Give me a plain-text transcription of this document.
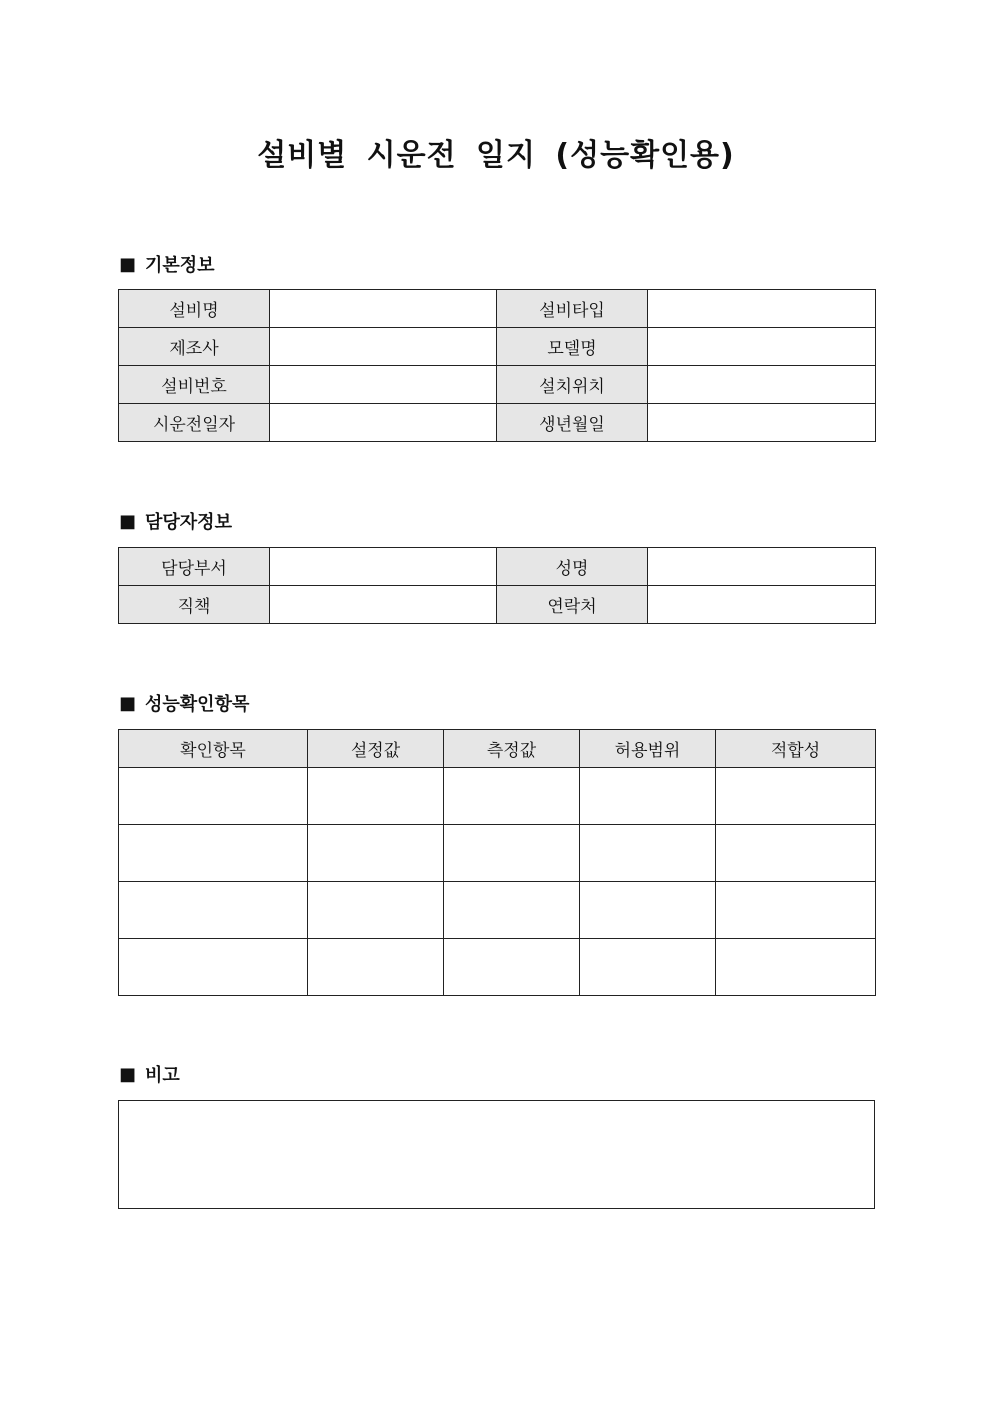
설비별 시운전 일지 (성능확인용)
■ 기본정보
설비명		설비타입	
제조사		모델명	
설비번호		설치위치	
시운전일자		생년월일	
■ 담당자정보
담당부서		성명	
직책		연락처	
■ 성능확인항목
확인항목	설정값	측정값	허용범위	적합성

■ 비고
